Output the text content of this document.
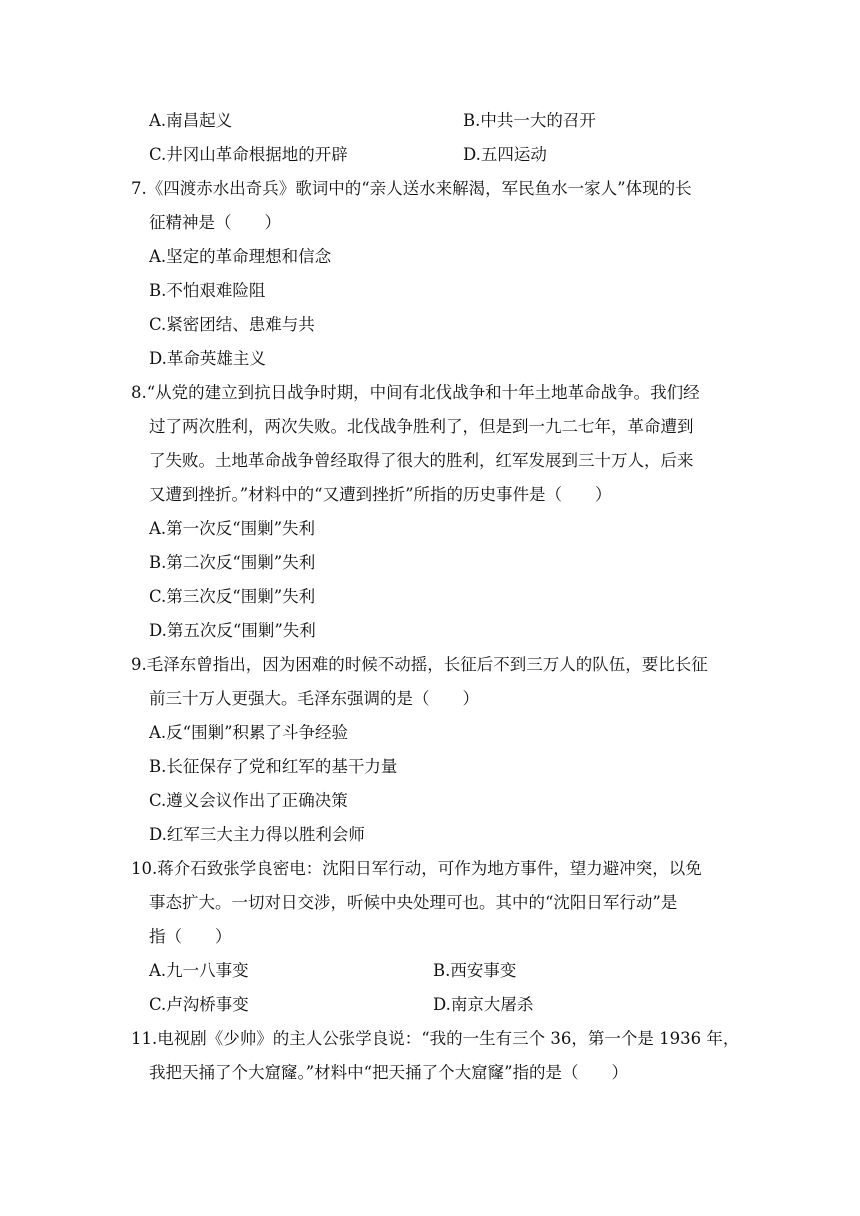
A.南昌起义	B.中共一大的召开
C.井冈山革命根据地的开辟	D.五四运动
7.《四渡赤水出奇兵》歌词中的“亲人送水来解渴，军民鱼水一家人”体现的长
征精神是（　　）
A.坚定的革命理想和信念
B.不怕艰难险阻
C.紧密团结、患难与共
D.革命英雄主义
8.“从党的建立到抗日战争时期，中间有北伐战争和十年土地革命战争。我们经
过了两次胜利，两次失败。北伐战争胜利了，但是到一九二七年，革命遭到
了失败。土地革命战争曾经取得了很大的胜利，红军发展到三十万人，后来
又遭到挫折。”材料中的“又遭到挫折”所指的历史事件是（　　）
A.第一次反“围剿”失利
B.第二次反“围剿”失利
C.第三次反“围剿”失利
D.第五次反“围剿”失利
9.毛泽东曾指出，因为困难的时候不动摇，长征后不到三万人的队伍，要比长征
前三十万人更强大。毛泽东强调的是（　　）
A.反“围剿”积累了斗争经验
B.长征保存了党和红军的基干力量
C.遵义会议作出了正确决策
D.红军三大主力得以胜利会师
10.蒋介石致张学良密电：沈阳日军行动，可作为地方事件，望力避冲突，以免
事态扩大。一切对日交涉，听候中央处理可也。其中的“沈阳日军行动”是
指（　　）
A.九一八事变	B.西安事变
C.卢沟桥事变	D.南京大屠杀
11.电视剧《少帅》的主人公张学良说：“我的一生有三个 36，第一个是 1936 年，
我把天捅了个大窟窿。”材料中“把天捅了个大窟窿”指的是（　　）
